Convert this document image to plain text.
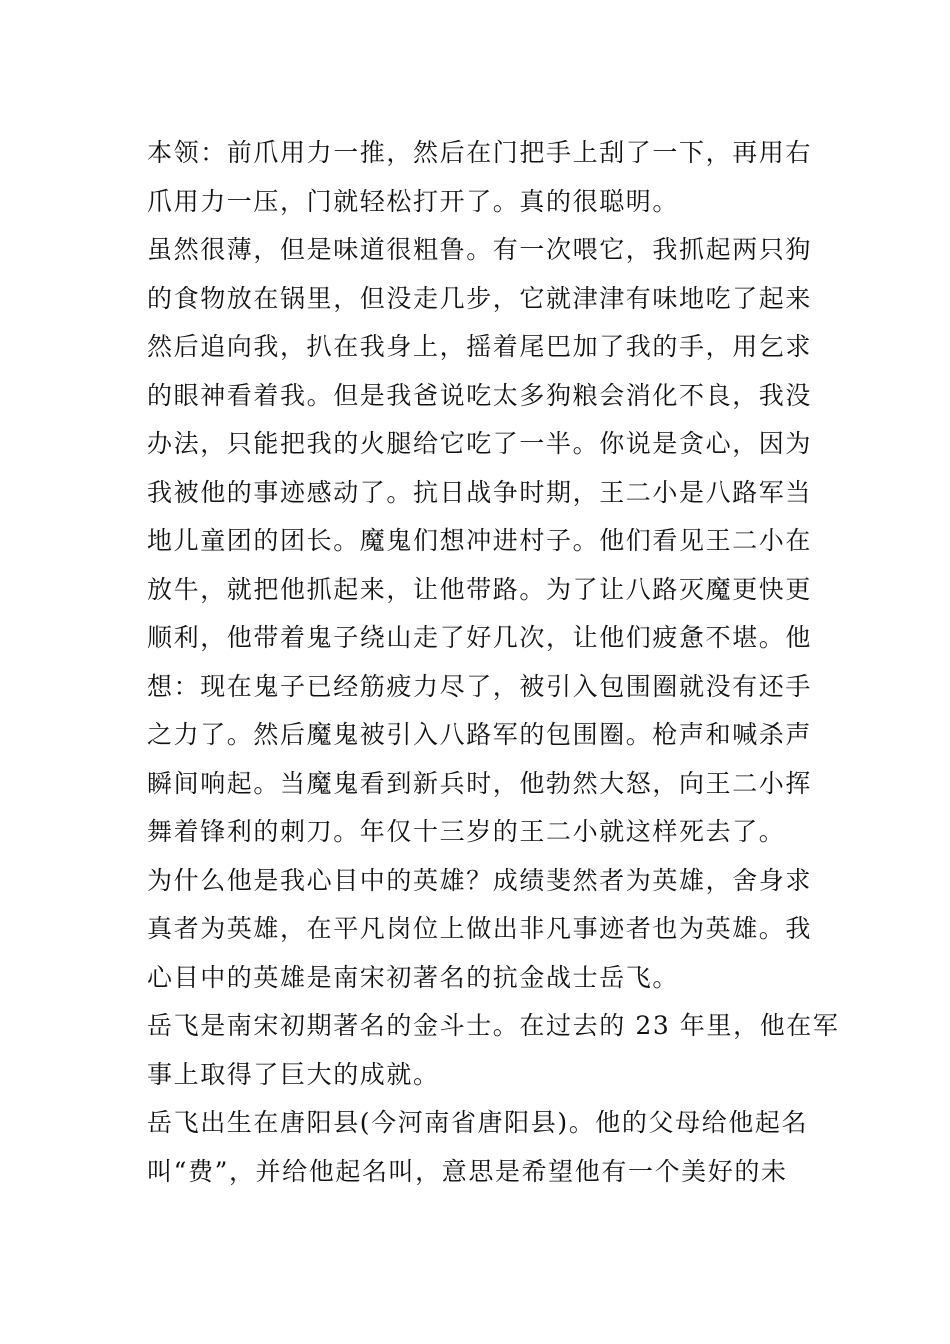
本领：前爪用力一推，然后在门把手上刮了一下，再用右
爪用力一压，门就轻松打开了。真的很聪明。
虽然很薄，但是味道很粗鲁。有一次喂它，我抓起两只狗
的食物放在锅里，但没走几步，它就津津有味地吃了起来
然后追向我，扒在我身上，摇着尾巴加了我的手，用乞求
的眼神看着我。但是我爸说吃太多狗粮会消化不良，我没
办法，只能把我的火腿给它吃了一半。你说是贪心，因为
我被他的事迹感动了。抗日战争时期，王二小是八路军当
地儿童团的团长。魔鬼们想冲进村子。他们看见王二小在
放牛，就把他抓起来，让他带路。为了让八路灭魔更快更
顺利，他带着鬼子绕山走了好几次，让他们疲惫不堪。他
想：现在鬼子已经筋疲力尽了，被引入包围圈就没有还手
之力了。然后魔鬼被引入八路军的包围圈。枪声和喊杀声
瞬间响起。当魔鬼看到新兵时，他勃然大怒，向王二小挥
舞着锋利的刺刀。年仅十三岁的王二小就这样死去了。
为什么他是我心目中的英雄？成绩斐然者为英雄，舍身求
真者为英雄，在平凡岗位上做出非凡事迹者也为英雄。我
心目中的英雄是南宋初著名的抗金战士岳飞。
岳飞是南宋初期著名的金斗士。在过去的 23 年里，他在军
事上取得了巨大的成就。
岳飞出生在唐阳县(今河南省唐阳县)。他的父母给他起名
叫“费”，并给他起名叫，意思是希望他有一个美好的未
